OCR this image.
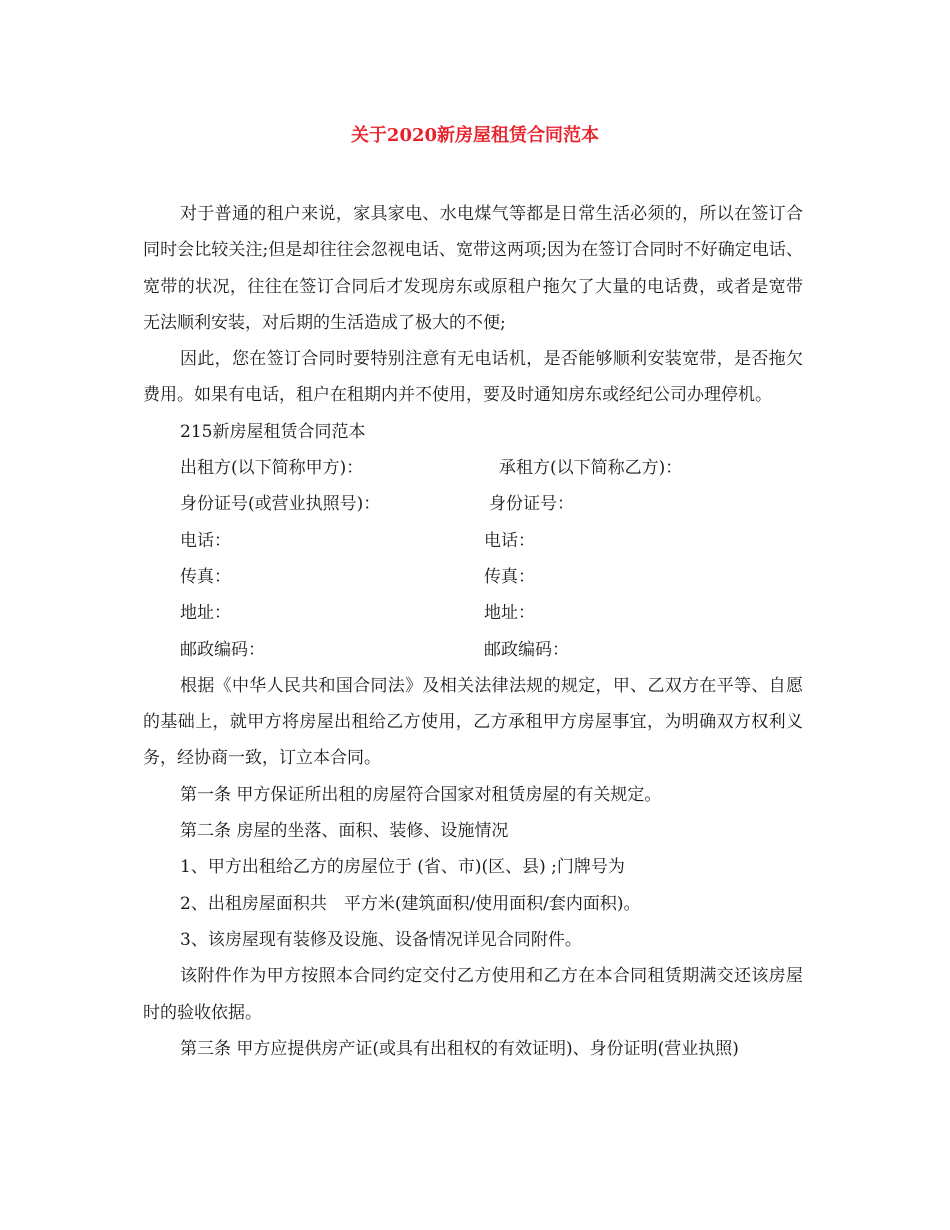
关于2020新房屋租赁合同范本

对于普通的租户来说，家具家电、水电煤气等都是日常生活必须的，所以在签订合同时会比较关注;但是却往往会忽视电话、宽带这两项;因为在签订合同时不好确定电话、宽带的状况，往往在签订合同后才发现房东或原租户拖欠了大量的电话费，或者是宽带无法顺利安装，对后期的生活造成了极大的不便;

因此，您在签订合同时要特别注意有无电话机，是否能够顺利安装宽带，是否拖欠费用。如果有电话，租户在租期内并不使用，要及时通知房东或经纪公司办理停机。

215新房屋租赁合同范本

出租方(以下简称甲方)：	承租方(以下简称乙方)：
身份证号(或营业执照号)：	身份证号：
电话：	电话：
传真：	传真：
地址：	地址：
邮政编码：	邮政编码：

根据《中华人民共和国合同法》及相关法律法规的规定，甲、乙双方在平等、自愿的基础上，就甲方将房屋出租给乙方使用，乙方承租甲方房屋事宜，为明确双方权利义务，经协商一致，订立本合同。

第一条 甲方保证所出租的房屋符合国家对租赁房屋的有关规定。

第二条 房屋的坐落、面积、装修、设施情况

1、甲方出租给乙方的房屋位于 (省、市)(区、县) ;门牌号为

2、出租房屋面积共　平方米(建筑面积/使用面积/套内面积)。

3、该房屋现有装修及设施、设备情况详见合同附件。

该附件作为甲方按照本合同约定交付乙方使用和乙方在本合同租赁期满交还该房屋时的验收依据。

第三条 甲方应提供房产证(或具有出租权的有效证明)、身份证明(营业执照)
